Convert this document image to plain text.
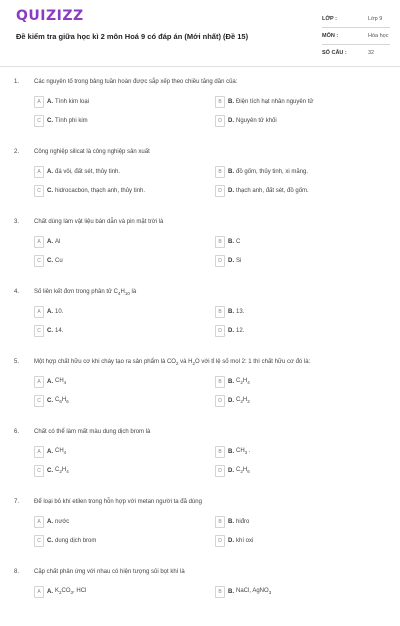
QUIZIZZ
Đề kiểm tra giữa học kì 2 môn Hoá 9 có đáp án (Mới nhất) (Đề 15)
LỚP :	Lớp 9
MÔN :	Hóa học
SỐ CÂU :	32
1. Các nguyên tố trong bảng tuần hoàn được sắp xếp theo chiều tăng dần của:
A	A. Tính kim loại	B	B. Điện tích hạt nhân nguyên tử
C	C. Tính phi kim	D	D. Nguyên tử khối
2. Công nghiệp silicat là công nghiệp sản xuất
A	A. đá vôi, đất sét, thủy tinh.	B	B. đồ gốm, thủy tinh, xi măng.
C	C. hidrocacbon, thạch anh, thủy tinh.	D	D. thạch anh, đất sét, đồ gốm.
3. Chất dùng làm vật liệu bán dẫn và pin mặt trời là
A	A. Al	B	B. C
C	C. Cu	D	D. Si
4. Số liên kết đơn trong phân tử $C_4H_{10}$ là
A	A. 10.	B	B. 13.
C	C. 14.	D	D. 12.
5. Một hợp chất hữu cơ khi cháy tạo ra sản phẩm là $CO_2$ và $H_2O$ với tỉ lệ số mol 2: 1 thì chất hữu cơ đó là:
A	A. $CH_4$	B	B. $C_2H_4$
C	C. $C_6H_6$	D	D. $C_2H_2$
6. Chất có thể làm mất màu dung dịch brom là
A	A. $CH_4$	B	B. $CH_3$ .
C	C. $C_2H_4$	D	D. $C_2H_6$
7. Để loại bỏ khí etilen trong hỗn hợp với metan người ta đã dùng
A	A. nước	B	B. hiđro
C	C. dung dịch brom	D	D. khí oxi
8. Cặp chất phản ứng với nhau có hiện tượng sủi bọt khí là
A	A. $K_2CO_3$, HCl	B	B. NaCl, AgNO$_3$
